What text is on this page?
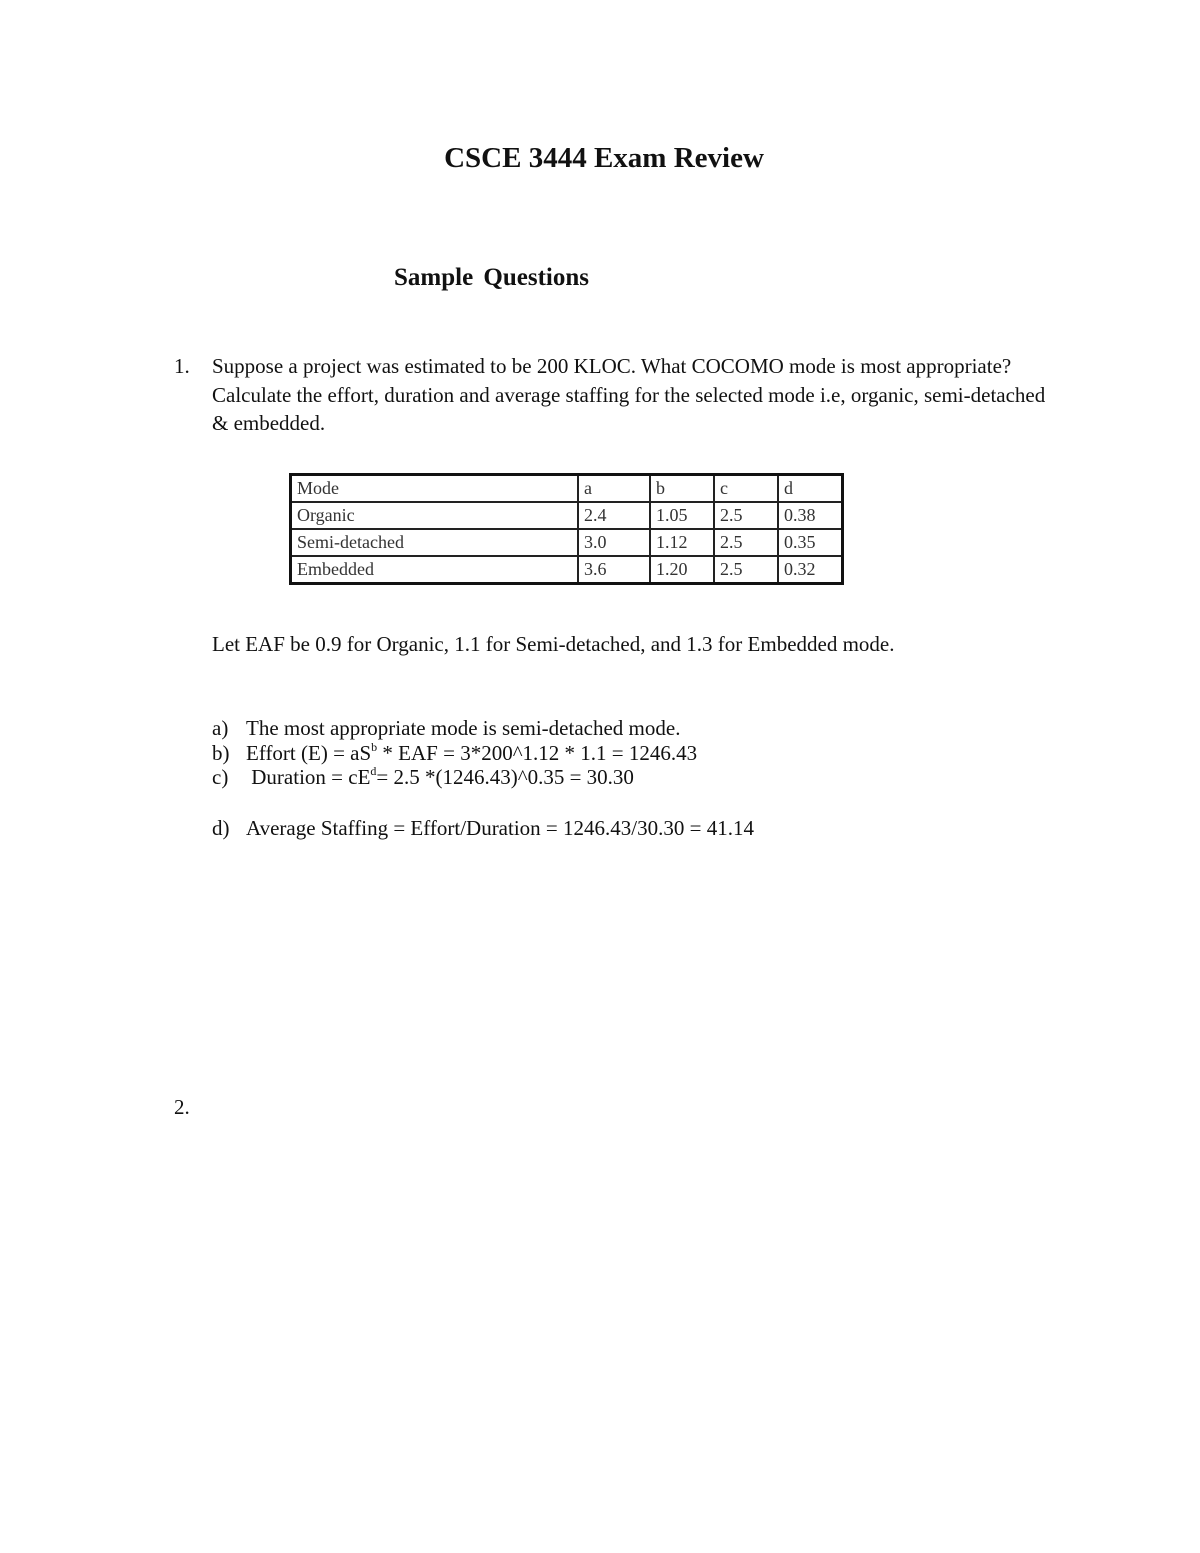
CSCE 3444 Exam Review
Sample Questions
1. Suppose a project was estimated to be 200 KLOC. What COCOMO mode is most appropriate? Calculate the effort, duration and average staffing for the selected mode i.e, organic, semi-detached & embedded.
Mode	a	b	c	d
Organic	2.4	1.05	2.5	0.38
Semi-detached	3.0	1.12	2.5	0.35
Embedded	3.6	1.20	2.5	0.32

Let EAF be 0.9 for Organic, 1.1 for Semi-detached, and 1.3 for Embedded mode.

a) The most appropriate mode is semi-detached mode.
b) Effort $(E) = aS^b$ * EAF = 3*200^1.12 * 1.1 = 1246.43
c) Duration = $cE^d= 2.5$ *(1246.43)^0.35 = 30.30
d) Average Staffing = Effort/Duration = 1246.43/30.30 = 41.14

2.
